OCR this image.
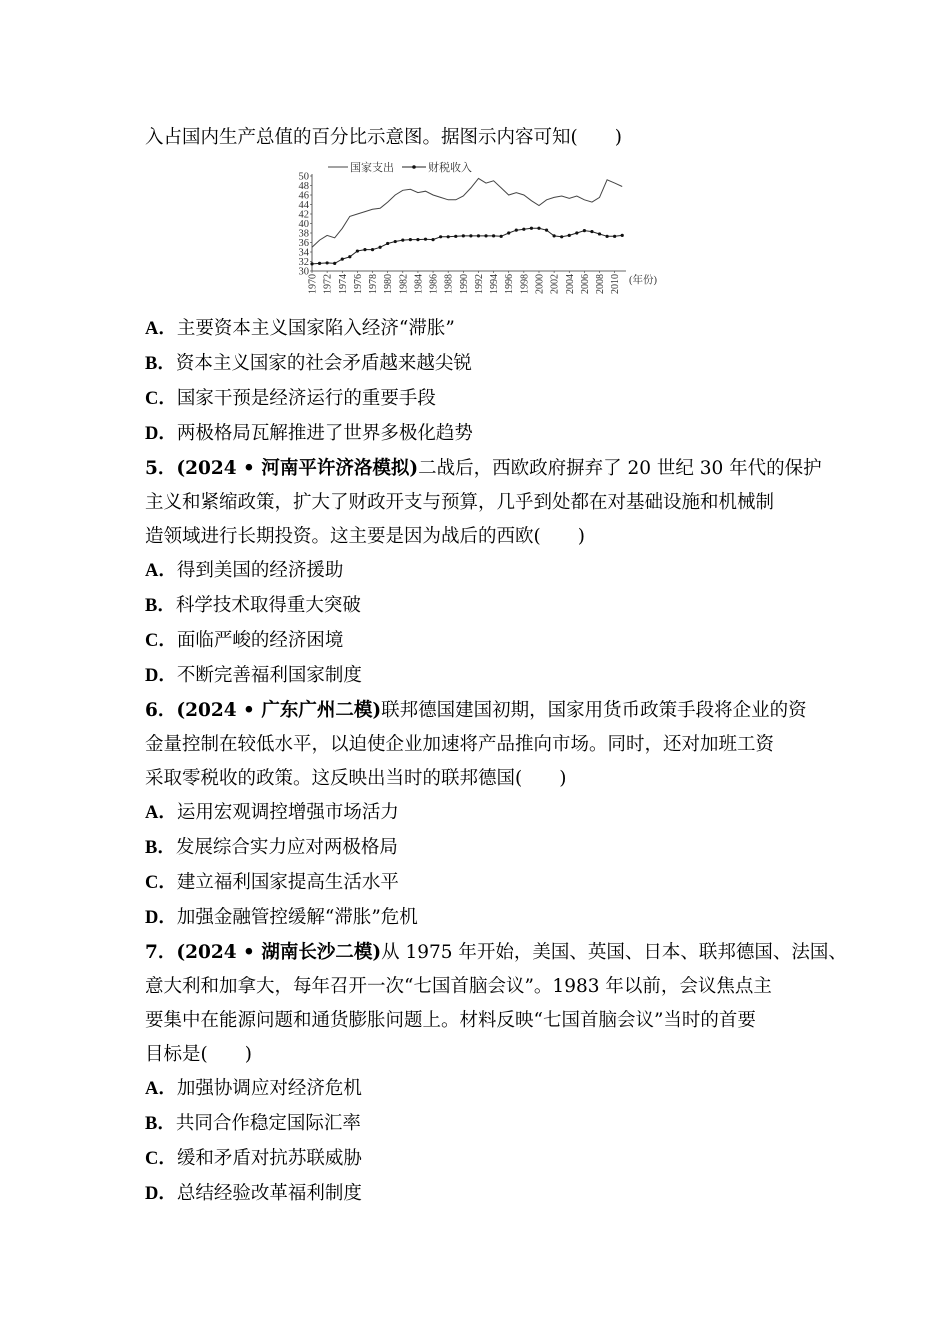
入占国内生产总值的百分比示意图。据图示内容可知(　　)
30
32
34
36
38
40
42
44
46
48
50
1970 1972 1974 1976 1978 1980 1982 1984 1986 1988 1990 1992 1994 1996 1998 2000 2002 2004 2006 2008 2010 (年份)
国家支出	财税收入
A．主要资本主义国家陷入经济“滞胀”
B．资本主义国家的社会矛盾越来越尖锐
C．国家干预是经济运行的重要手段
D．两极格局瓦解推进了世界多极化趋势
5．(2024 • 河南平许济洛模拟)二战后，西欧政府摒弃了 20 世纪 30 年代的保护
主义和紧缩政策，扩大了财政开支与预算，几乎到处都在对基础设施和机械制
造领域进行长期投资。这主要是因为战后的西欧(　　)
A．得到美国的经济援助
B．科学技术取得重大突破
C．面临严峻的经济困境
D．不断完善福利国家制度
6．(2024 • 广东广州二模)联邦德国建国初期，国家用货币政策手段将企业的资
金量控制在较低水平，以迫使企业加速将产品推向市场。同时，还对加班工资
采取零税收的政策。这反映出当时的联邦德国(　　)
A．运用宏观调控增强市场活力
B．发展综合实力应对两极格局
C．建立福利国家提高生活水平
D．加强金融管控缓解“滞胀”危机
7．(2024 • 湖南长沙二模)从 1975 年开始，美国、英国、日本、联邦德国、法国、
意大利和加拿大，每年召开一次“七国首脑会议”。1983 年以前，会议焦点主
要集中在能源问题和通货膨胀问题上。材料反映“七国首脑会议”当时的首要
目标是(　　)
A．加强协调应对经济危机
B．共同合作稳定国际汇率
C．缓和矛盾对抗苏联威胁
D．总结经验改革福利制度
